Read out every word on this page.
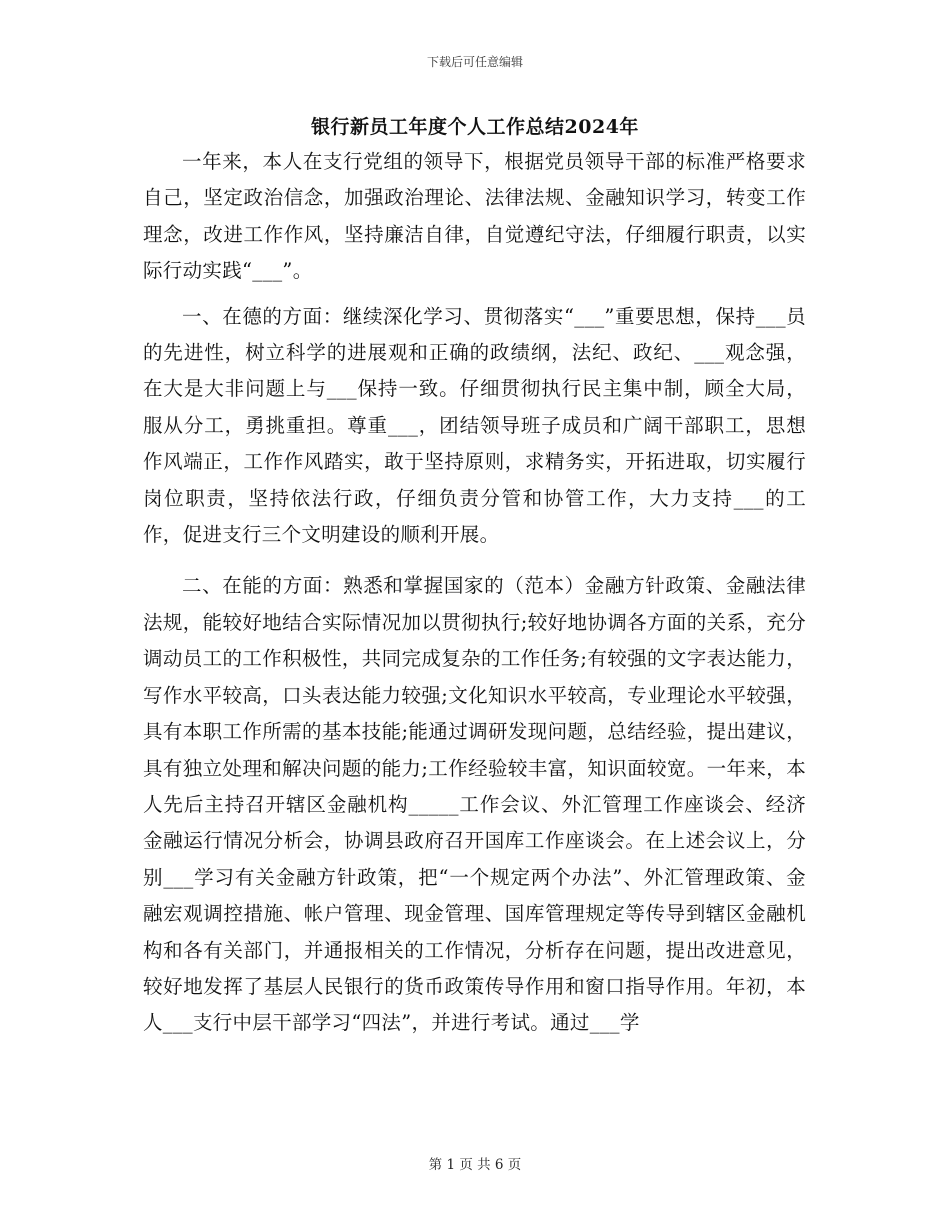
下载后可任意编辑
银行新员工年度个人工作总结2024年

一年来，本人在支行党组的领导下，根据党员领导干部的标准严格要求自己，坚定政治信念，加强政治理论、法律法规、金融知识学习，转变工作理念，改进工作作风，坚持廉洁自律，自觉遵纪守法，仔细履行职责，以实际行动实践“___”。

一、在德的方面：继续深化学习、贯彻落实“___”重要思想，保持___员的先进性，树立科学的进展观和正确的政绩纲，法纪、政纪、___观念强，在大是大非问题上与___保持一致。仔细贯彻执行民主集中制，顾全大局，服从分工，勇挑重担。尊重___，团结领导班子成员和广阔干部职工，思想作风端正，工作作风踏实，敢于坚持原则，求精务实，开拓进取，切实履行岗位职责，坚持依法行政，仔细负责分管和协管工作，大力支持___的工作，促进支行三个文明建设的顺利开展。

二、在能的方面：熟悉和掌握国家的（范本）金融方针政策、金融法律法规，能较好地结合实际情况加以贯彻执行;较好地协调各方面的关系，充分调动员工的工作积极性，共同完成复杂的工作任务;有较强的文字表达能力，写作水平较高，口头表达能力较强;文化知识水平较高，专业理论水平较强，具有本职工作所需的基本技能;能通过调研发现问题，总结经验，提出建议，具有独立处理和解决问题的能力;工作经验较丰富，知识面较宽。一年来，本人先后主持召开辖区金融机构_____工作会议、外汇管理工作座谈会、经济金融运行情况分析会，协调县政府召开国库工作座谈会。在上述会议上，分别___学习有关金融方针政策，把“一个规定两个办法”、外汇管理政策、金融宏观调控措施、帐户管理、现金管理、国库管理规定等传导到辖区金融机构和各有关部门，并通报相关的工作情况，分析存在问题，提出改进意见，较好地发挥了基层人民银行的货币政策传导作用和窗口指导作用。年初，本人___支行中层干部学习“四法”，并进行考试。通过___学

第 1 页 共 6 页
